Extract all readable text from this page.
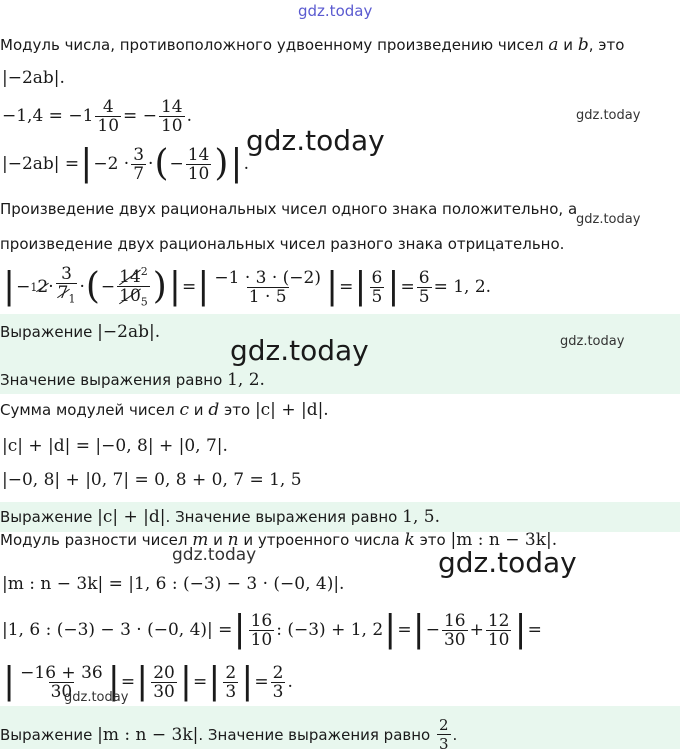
gdz.today
Модуль числа, противоположного удвоенному произведению чисел a и b, это
|−2ab|.
$-1,4 = -1 \frac{4}{10}$ = − $\frac{14}{10}$ .	gdz.today
|−2ab| = | $-2 \cdot \frac{3}{7}$ · ( − $\frac{14}{10}$ ) | .
gdz.today
Произведение двух рациональных чисел одного знака положительно, а
gdz.today
произведение двух рациональных чисел разного знака отрицательно.
| − 1 $2 \cdot \frac{3}{7_1}$ · ( − $\frac{14^2}{10_5}$ ) | = | $\frac{-1 \cdot 3 \cdot (-2)}{1 \cdot 5}$ | = | $\frac{6}{5}$ | = $\frac{6}{5} = 1$, 2.
Выражение |−2ab|.
gdz.today	gdz.today
Значение выражения равно 1, 2.
Сумма модулей чисел c и d это |c| + |d|.
|c| + |d| = |−0, 8| + |0, 7|.
|−0, 8| + |0, 7| = 0, 8 + 0, 7 = 1, 5
Выражение |c| + |d|. Значение выражения равно 1, 5.
Модуль разности чисел m и n и утроенного числа k это |m : n − 3k|.
gdz.today	gdz.today
|m : n − 3k| = |1, 6 : (−3) − 3 · (−0, 4)|.
|1, 6 : (−3) − 3 · (−0, 4)| = | $\frac{16}{10}$ : (−3) + 1, 2 | = | − $\frac{16}{30} + \frac{12}{10}$ | =
| $\frac{-16 + 36}{30}$ | = | $\frac{20}{30}$ | = | $\frac{2}{3}$ | = $\frac{2}{3}$ .
gdz.today
Выражение
|m : n − 3k| . Значение выражения равно
$\frac{2}{3}$ .
